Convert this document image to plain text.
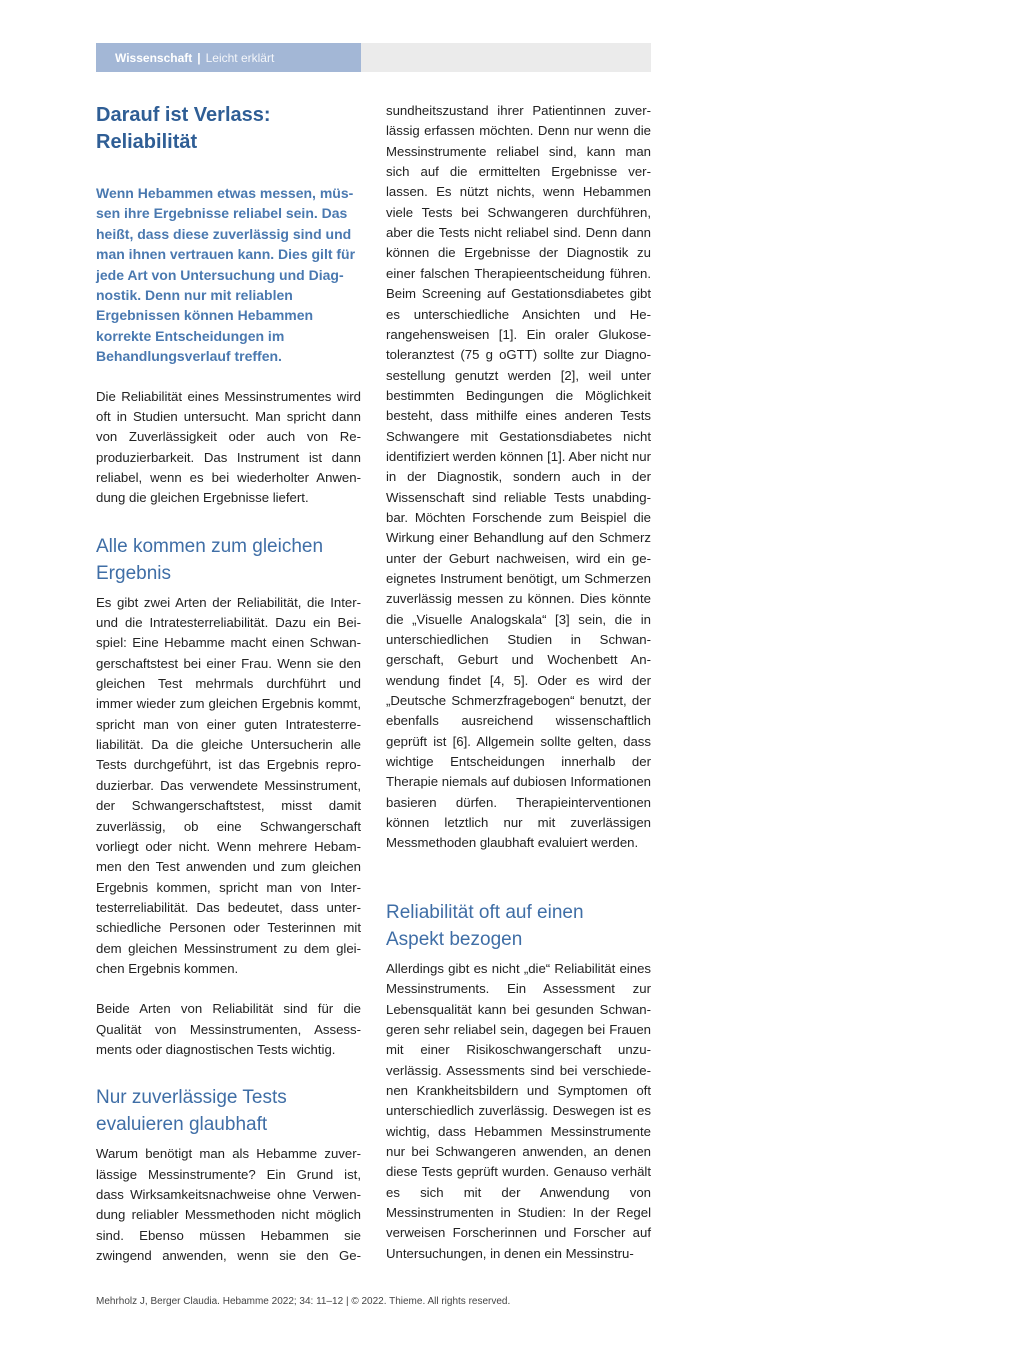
Wissenschaft | Leicht erklärt
Darauf ist Verlass:
Reliabilität

Wenn Hebammen etwas messen, müssen ihre Ergebnisse reliabel sein. Das heißt, dass diese zuverlässig sind und man ihnen vertrauen kann. Dies gilt für jede Art von Untersuchung und Diagnostik. Denn nur mit reliablen Ergebnissen können Hebammen korrekte Entscheidungen im Behandlungsverlauf treffen.

Die Reliabilität eines Messinstrumentes wird oft in Studien untersucht. Man spricht dann von Zuverlässigkeit oder auch von Reproduzierbarkeit. Das Instrument ist dann reliabel, wenn es bei wiederholter Anwendung die gleichen Ergebnisse liefert.

Alle kommen zum gleichen
Ergebnis

Es gibt zwei Arten der Reliabilität, die Inter- und die Intratesterreliabilität. Dazu ein Beispiel: Eine Hebamme macht einen Schwangerschaftstest bei einer Frau. Wenn sie den gleichen Test mehrmals durchführt und immer wieder zum gleichen Ergebnis kommt, spricht man von einer guten Intratesterreliabilität. Da die gleiche Untersucherin alle Tests durchgeführt, ist das Ergebnis reproduzierbar. Das verwendete Messinstrument, der Schwangerschaftstest, misst damit zuverlässig, ob eine Schwangerschaft vorliegt oder nicht. Wenn mehrere Hebammen den Test anwenden und zum gleichen Ergebnis kommen, spricht man von Intertesterreliabilität. Das bedeutet, dass unterschiedliche Personen oder Testerinnen mit dem gleichen Messinstrument zu dem gleichen Ergebnis kommen.

Beide Arten von Reliabilität sind für die Qualität von Messinstrumenten, Assessments oder diagnostischen Tests wichtig.

Nur zuverlässige Tests
evaluieren glaubhaft

Warum benötigt man als Hebamme zuverlässige Messinstrumente? Ein Grund ist, dass Wirksamkeitsnachweise ohne Verwendung reliabler Messmethoden nicht möglich sind. Ebenso müssen Hebammen sie zwingend anwenden, wenn sie den Ge

undheitszustand ihrer Patientinnen zuverlässig erfassen möchten. Denn nur wenn die Messinstrumente reliabel sind, kann man sich auf die ermittelten Ergebnisse verlassen. Es nützt nichts, wenn Hebammen viele Tests bei Schwangeren durchführen, aber die Tests nicht reliabel sind. Denn dann können die Ergebnisse der Diagnostik zu einer falschen Therapieentscheidung führen. Beim Screening auf Gestationsdiabetes gibt es unterschiedliche Ansichten und Herangehensweisen [1]. Ein oraler Glukosetoleranztest (75 g oGTT) sollte zur Diagnosestellung genutzt werden [2], weil unter bestimmten Bedingungen die Möglichkeit besteht, dass mithilfe eines anderen Tests Schwangere mit Gestationsdiabetes nicht identifiziert werden können [1]. Aber nicht nur in der Diagnostik, sondern auch in der Wissenschaft sind reliable Tests unabdingbar. Möchten Forschende zum Beispiel die Wirkung einer Behandlung auf den Schmerz unter der Geburt nachweisen, wird ein geeignetes Instrument benötigt, um Schmerzen zuverlässig messen zu können. Dies könnte die „Visuelle Analogskala“ [3] sein, die in unterschiedlichen Studien in Schwangerschaft, Geburt und Wochenbett Anwendung findet [4, 5]. Oder es wird der „Deutsche Schmerzfragebogen“ benutzt, der ebenfalls ausreichend wissenschaftlich geprüft ist [6]. Allgemein sollte gelten, dass wichtige Entscheidungen innerhalb der Therapie niemals auf dubiosen Informationen basieren dürfen. Therapieinterventionen können letztlich nur mit zuverlässigen Messmethoden glaubhaft evaluiert werden.

Reliabilität oft auf einen
Aspekt bezogen

Allerdings gibt es nicht „die“ Reliabilität eines Messinstruments. Ein Assessment zur Lebensqualität kann bei gesunden Schwangeren sehr reliabel sein, dagegen bei Frauen mit einer Risikoschwangerschaft unzuverlässig. Assessments sind bei verschiedenen Krankheitsbildern und Symptomen oft unterschiedlich zuverlässig. Deswegen ist es wichtig, dass Hebammen Messinstrumente nur bei Schwangeren anwenden, an denen diese Tests geprüft wurden. Genauso verhält es sich mit der Anwendung von Messinstrumenten in Studien: In der Regel verweisen Forscherinnen und Forscher auf Untersuchungen, in denen ein Messinstru-

Mehrholz J, Berger Claudia. Hebamme 2022; 34: 11–12 | © 2022. Thieme. All rights reserved.
